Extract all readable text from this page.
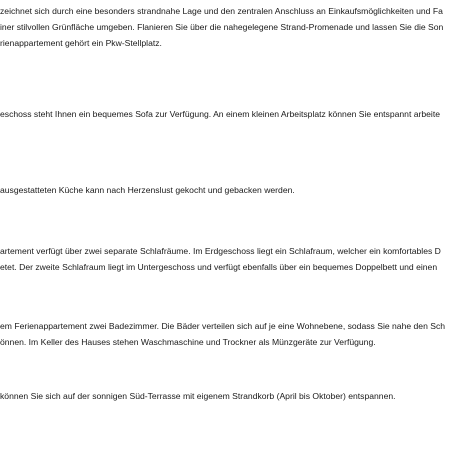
zeichnet sich durch eine besonders strandnahe Lage und den zentralen Anschluss an Einkaufsmöglichkeiten und Fa
iner stilvollen Grünfläche umgeben. Flanieren Sie über die nahegelegene Strand-Promenade und lassen Sie die Son
rienappartement gehört ein Pkw-Stellplatz.
eschoss steht Ihnen ein bequemes Sofa zur Verfügung. An einem kleinen Arbeitsplatz können Sie entspannt arbeite
ausgestatteten Küche kann nach Herzenslust gekocht und gebacken werden.
artement verfügt über zwei separate Schlafräume. Im Erdgeschoss liegt ein Schlafraum, welcher ein komfortables D
etet. Der zweite Schlafraum liegt im Untergeschoss und verfügt ebenfalls über ein bequemes Doppelbett und einen
em Ferienappartement zwei Badezimmer. Die Bäder verteilen sich auf je eine Wohnebene, sodass Sie nahe den Sch
önnen. Im Keller des Hauses stehen Waschmaschine und Trockner als Münzgeräte zur Verfügung.
können Sie sich auf der sonnigen Süd-Terrasse mit eigenem Strandkorb (April bis Oktober) entspannen.
